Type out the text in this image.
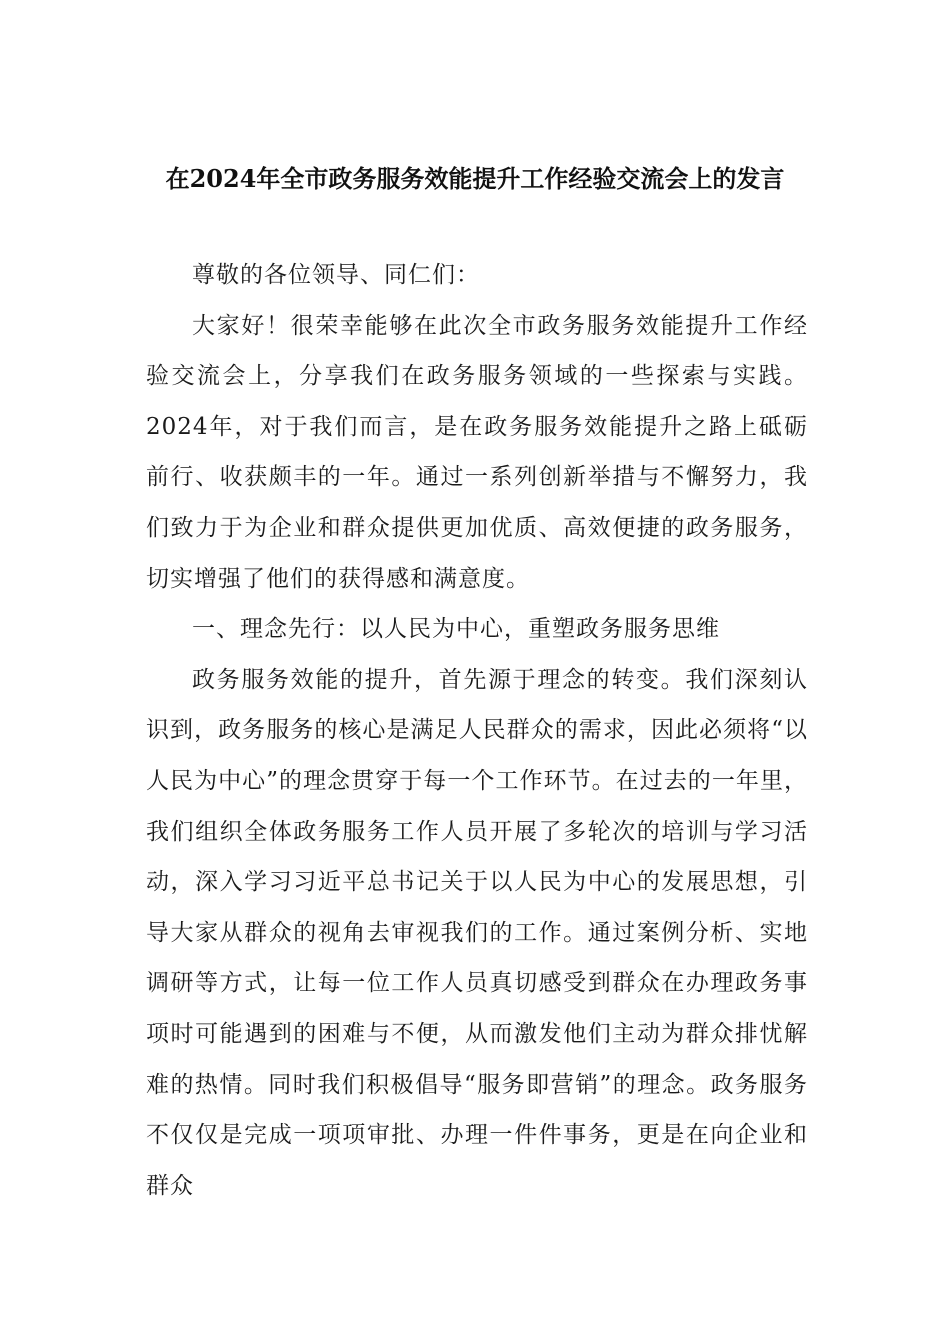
在2024年全市政务服务效能提升工作经验交流会上的发言

尊敬的各位领导、同仁们：

大家好！很荣幸能够在此次全市政务服务效能提升工作经验交流会上，分享我们在政务服务领域的一些探索与实践。2024年，对于我们而言，是在政务服务效能提升之路上砥砺前行、收获颇丰的一年。通过一系列创新举措与不懈努力，我们致力于为企业和群众提供更加优质、高效便捷的政务服务，切实增强了他们的获得感和满意度。

一、理念先行：以人民为中心，重塑政务服务思维

政务服务效能的提升，首先源于理念的转变。我们深刻认识到，政务服务的核心是满足人民群众的需求，因此必须将“以人民为中心”的理念贯穿于每一个工作环节。在过去的一年里，我们组织全体政务服务工作人员开展了多轮次的培训与学习活动，深入学习习近平总书记关于以人民为中心的发展思想，引导大家从群众的视角去审视我们的工作。通过案例分析、实地调研等方式，让每一位工作人员真切感受到群众在办理政务事项时可能遇到的困难与不便，从而激发他们主动为群众排忧解难的热情。同时我们积极倡导“服务即营销”的理念。政务服务不仅仅是完成一项项审批、办理一件件事务，更是在向企业和群众
